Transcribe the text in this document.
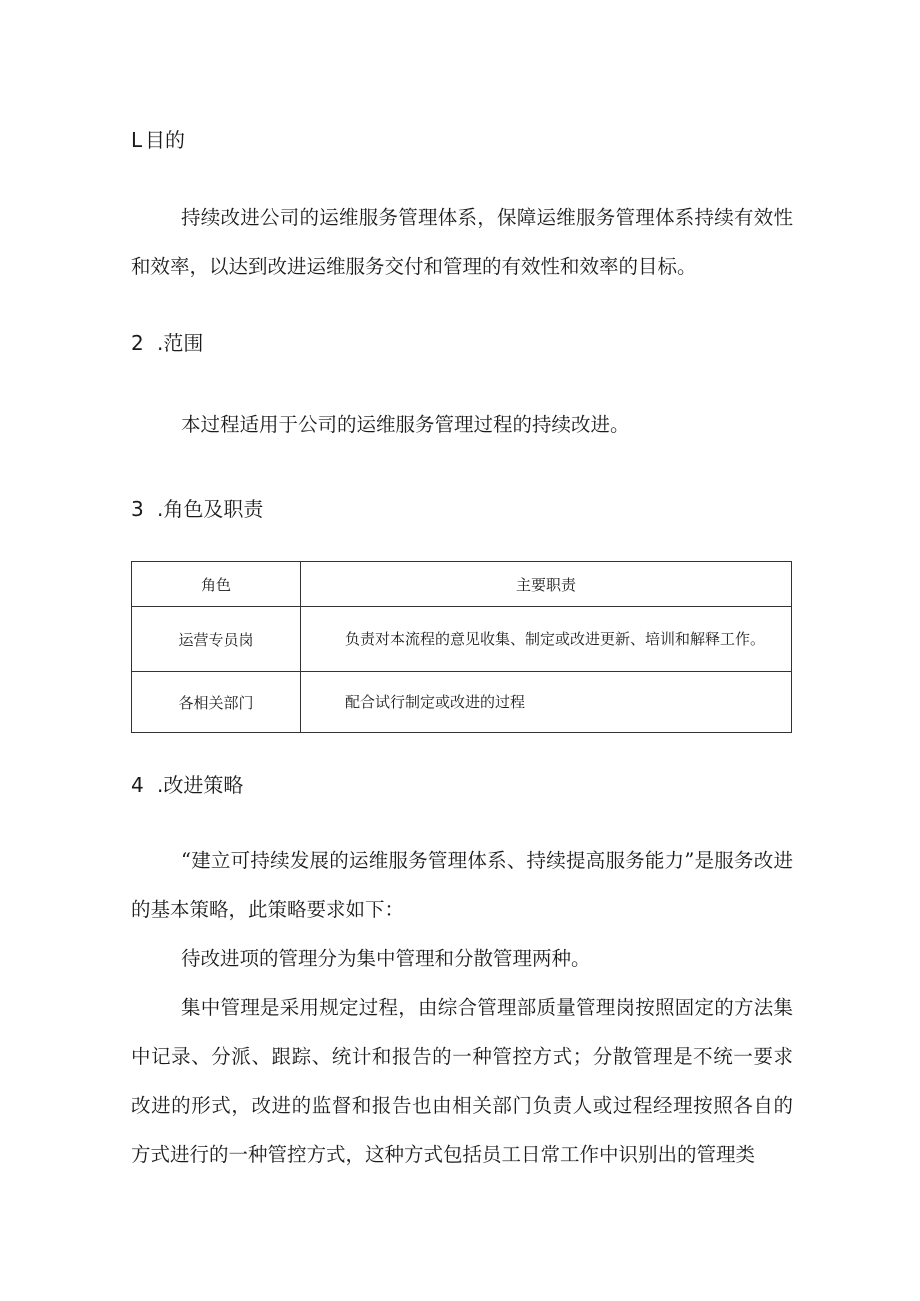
L 目的
持续改进公司的运维服务管理体系，保障运维服务管理体系持续有效性和效率，以达到改进运维服务交付和管理的有效性和效率的目标。
2 .范围
本过程适用于公司的运维服务管理过程的持续改进。
3 .角色及职责
角色	主要职责
运营专员岗	负责对本流程的意见收集、制定或改进更新、培训和解释工作。
各相关部门	配合试行制定或改进的过程
4 .改进策略
“建立可持续发展的运维服务管理体系、持续提高服务能力”是服务改进的基本策略，此策略要求如下：
待改进项的管理分为集中管理和分散管理两种。
集中管理是采用规定过程，由综合管理部质量管理岗按照固定的方法集中记录、分派、跟踪、统计和报告的一种管控方式；分散管理是不统一要求改进的形式，改进的监督和报告也由相关部门负责人或过程经理按照各自的方式进行的一种管控方式，这种方式包括员工日常工作中识别出的管理类
